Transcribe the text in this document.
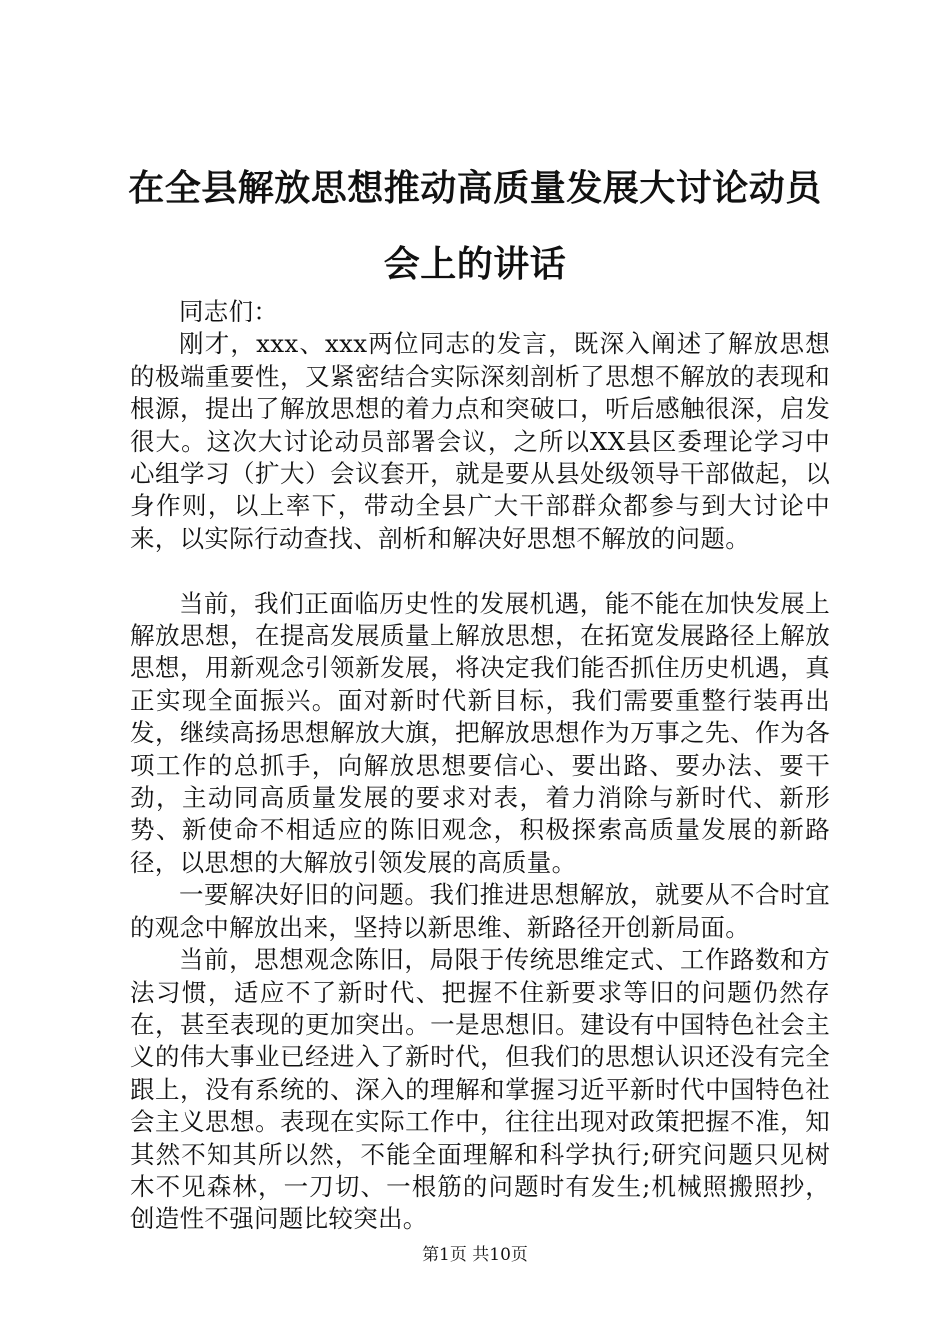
在全县解放思想推动高质量发展大讨论动员会上的讲话

同志们：

刚才，xxx、xxx两位同志的发言，既深入阐述了解放思想的极端重要性，又紧密结合实际深刻剖析了思想不解放的表现和根源，提出了解放思想的着力点和突破口，听后感触很深，启发很大。这次大讨论动员部署会议，之所以XX县区委理论学习中心组学习（扩大）会议套开，就是要从县处级领导干部做起，以身作则，以上率下，带动全县广大干部群众都参与到大讨论中来，以实际行动查找、剖析和解决好思想不解放的问题。

当前，我们正面临历史性的发展机遇，能不能在加快发展上解放思想，在提高发展质量上解放思想，在拓宽发展路径上解放思想，用新观念引领新发展，将决定我们能否抓住历史机遇，真正实现全面振兴。面对新时代新目标，我们需要重整行装再出发，继续高扬思想解放大旗，把解放思想作为万事之先、作为各项工作的总抓手，向解放思想要信心、要出路、要办法、要干劲，主动同高质量发展的要求对表，着力消除与新时代、新形势、新使命不相适应的陈旧观念，积极探索高质量发展的新路径，以思想的大解放引领发展的高质量。

一要解决好旧的问题。我们推进思想解放，就要从不合时宜的观念中解放出来，坚持以新思维、新路径开创新局面。

当前，思想观念陈旧，局限于传统思维定式、工作路数和方法习惯，适应不了新时代、把握不住新要求等旧的问题仍然存在，甚至表现的更加突出。一是思想旧。建设有中国特色社会主义的伟大事业已经进入了新时代，但我们的思想认识还没有完全跟上，没有系统的、深入的理解和掌握习近平新时代中国特色社会主义思想。表现在实际工作中，往往出现对政策把握不准，知其然不知其所以然，不能全面理解和科学执行;研究问题只见树木不见森林，一刀切、一根筋的问题时有发生;机械照搬照抄，创造性不强问题比较突出。

第1页 共10页
